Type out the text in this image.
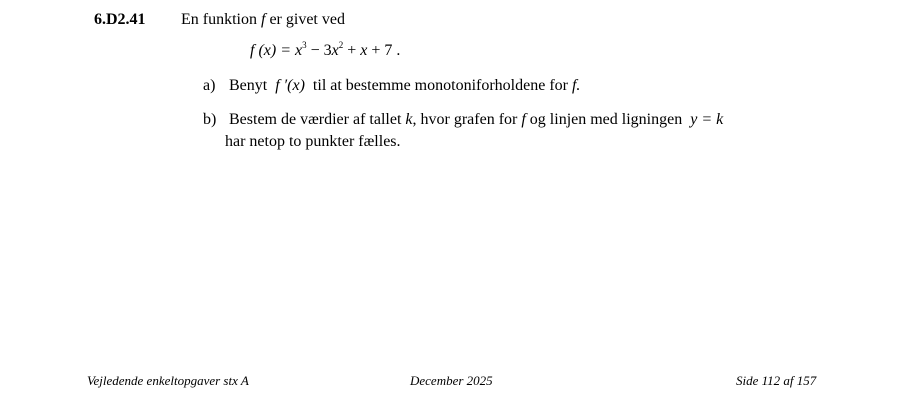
6.D2.41 En funktion f er givet ved
f $(x) = x^3 - 3x^2 + x + 7$ .
a) Benyt f ′(x) til at bestemme monotoniforholdene for f.
b) Bestem de værdier af tallet k, hvor grafen for f og linjen med ligningen y = k
har netop to punkter fælles.
Vejledende enkeltopgaver stx A	December 2025	Side 112 af 157
